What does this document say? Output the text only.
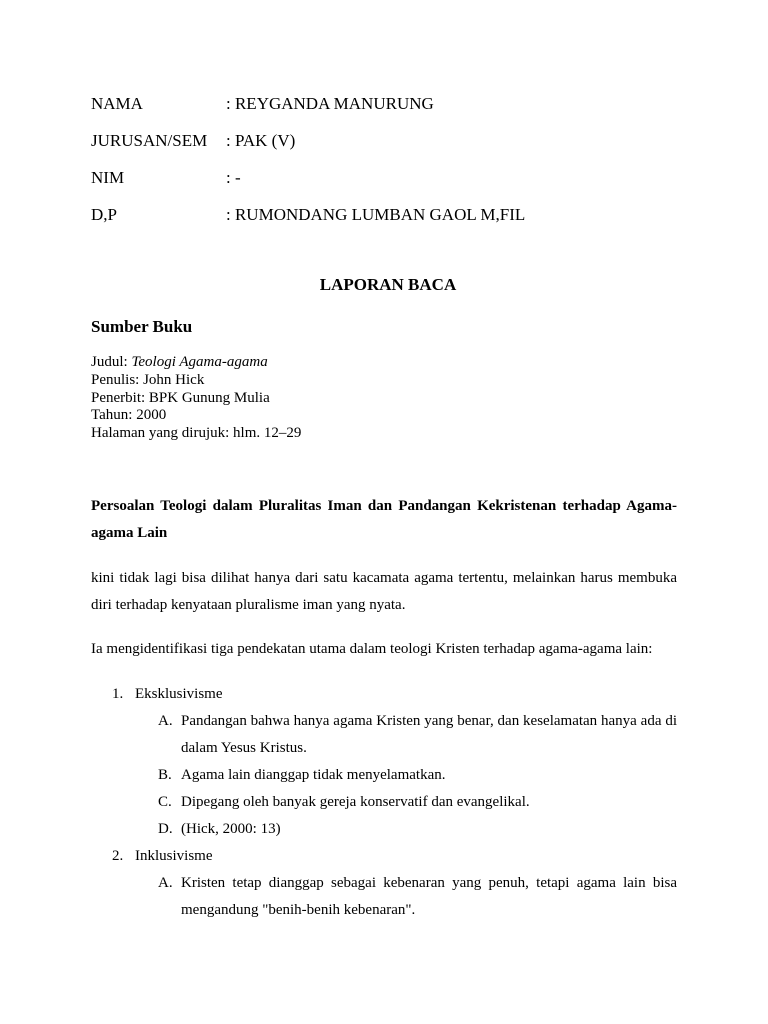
NAMA	: REYGANDA MANURUNG
JURUSAN/SEM : PAK (V)
NIM	: -
D,P	: RUMONDANG LUMBAN GAOL M,FIL
LAPORAN BACA
Sumber Buku
Judul: Teologi Agama-agama
Penulis: John Hick
Penerbit: BPK Gunung Mulia
Tahun: 2000
Halaman yang dirujuk: hlm. 12–29
Persoalan Teologi dalam Pluralitas Iman dan Pandangan Kekristenan terhadap Agama-agama Lain
kini tidak lagi bisa dilihat hanya dari satu kacamata agama tertentu, melainkan harus membuka diri terhadap kenyataan pluralisme iman yang nyata.
Ia mengidentifikasi tiga pendekatan utama dalam teologi Kristen terhadap agama-agama lain:
1. Eksklusivisme
A. Pandangan bahwa hanya agama Kristen yang benar, dan keselamatan hanya ada di dalam Yesus Kristus.
B. Agama lain dianggap tidak menyelamatkan.
C. Dipegang oleh banyak gereja konservatif dan evangelikal.
D. (Hick, 2000: 13)
2. Inklusivisme
A. Kristen tetap dianggap sebagai kebenaran yang penuh, tetapi agama lain bisa mengandung "benih-benih kebenaran".
